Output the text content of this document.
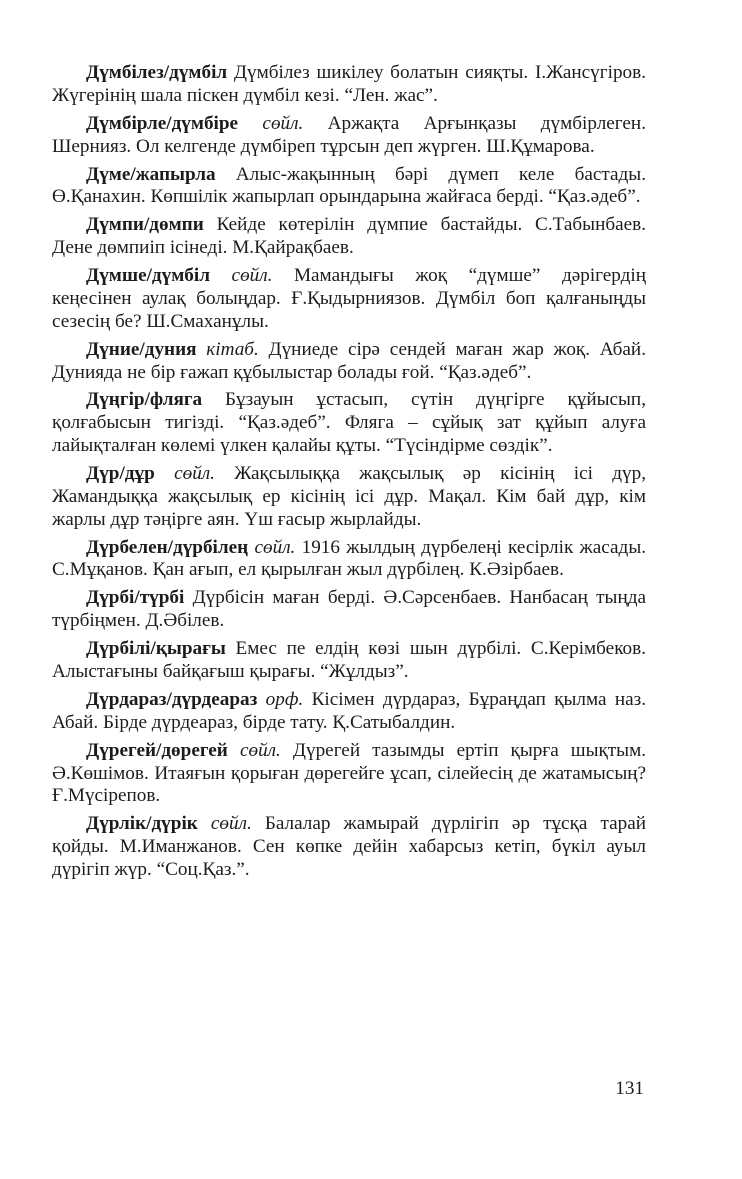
Дүмбілез/дүмбіл Дүмбілез шикілеу болатын сияқты. І.Жансүгіров. Жүгерінің шала піскен дүмбіл кезі. “Лен. жас”.

Дүмбірле/дүмбіре сөйл. Аржақта Арғынқазы дүмбірлеген. Шернияз. Ол келгенде дүмбіреп тұрсын деп жүрген. Ш.Құмарова.

Дүме/жапырла Алыс-жақынның бәрі дүмеп келе бастады. Ө.Қанахин. Көпшілік жапырлап орындарына жайғаса берді. “Қаз.әдеб”.

Дүмпи/дөмпи Кейде көтерілін дүмпие бастайды. С.Табынбаев. Дене дөмпиіп ісінеді. М.Қайрақбаев.

Дүмше/дүмбіл сөйл. Мамандығы жоқ “дүмше” дәрігердің кеңесінен аулақ болыңдар. Ғ.Қыдырниязов. Дүмбіл боп қалғаныңды сезесің бе? Ш.Смаханұлы.

Дүние/дуния кітаб. Дүниеде сірә сендей маған жар жоқ. Абай. Дунияда не бір ғажап құбылыстар болады ғой. “Қаз.әдеб”.

Дүңгір/фляга Бұзауын ұстасып, сүтін дүңгірге құйысып, қолғабысын тигізді. “Қаз.әдеб”. Фляга – сұйық зат құйып алуға лайықталған көлемі үлкен қалайы құты. “Түсіндірме сөздік”.

Дүр/дұр сөйл. Жақсылыққа жақсылық әр кісінің ісі дүр, Жамандыққа жақсылық ер кісінің ісі дұр. Мақал. Кім бай дұр, кім жарлы дұр тәңірге аян. Үш ғасыр жырлайды.

Дүрбелен/дүрбілең сөйл. 1916 жылдың дүрбелеңі кесірлік жасады. С.Мұқанов. Қан ағып, ел қырылған жыл дүрбілең. К.Әзірбаев.

Дүрбі/түрбі Дүрбісін маған берді. Ә.Сәрсенбаев. Нанбасаң тыңда түрбіңмен. Д.Әбілев.

Дүрбілі/қырағы Емес пе елдің көзі шын дүрбілі. С.Керімбеков. Алыстағыны байқағыш қырағы. “Жұлдыз”.

Дүрдараз/дүрдеараз орф. Кісімен дүрдараз, Бұраңдап қылма наз. Абай. Бірде дүрдеараз, бірде тату. Қ.Сатыбалдин.

Дүрегей/дөрегей сөйл. Дүрегей тазымды ертіп қырға шықтым. Ә.Көшімов. Итаяғын қорыған дөрегейге ұсап, сілейесің де жатамысың? Ғ.Мүсірепов.

Дүрлік/дүрік сөйл. Балалар жамырай дүрлігіп әр тұсқа тарай қойды. М.Иманжанов. Сен көпке дейін хабарсыз кетіп, бүкіл ауыл дүрігіп жүр. “Соц.Қаз.”.

131
